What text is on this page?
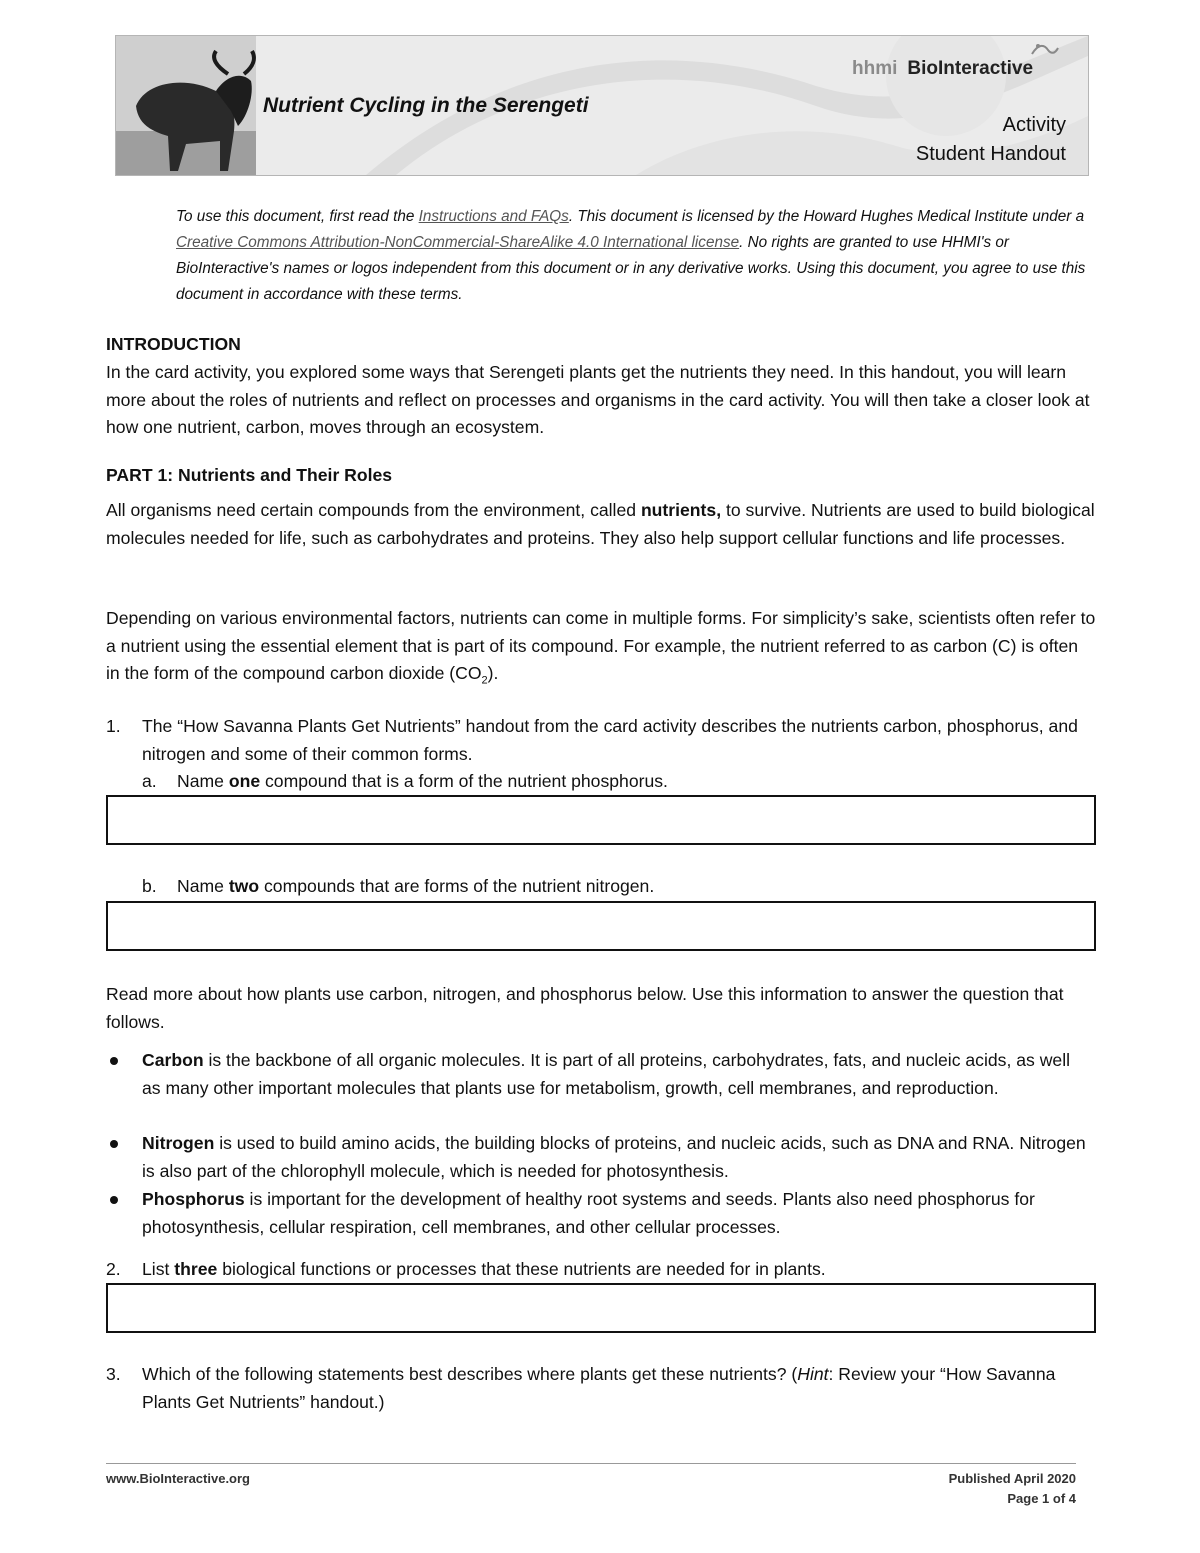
Nutrient Cycling in the Serengeti
hhmi BioInteractive
Activity
Student Handout
To use this document, first read the Instructions and FAQs. This document is licensed by the Howard Hughes Medical Institute under a Creative Commons Attribution-NonCommercial-ShareAlike 4.0 International license. No rights are granted to use HHMI's or BioInteractive's names or logos independent from this document or in any derivative works. Using this document, you agree to use this document in accordance with these terms.
INTRODUCTION
In the card activity, you explored some ways that Serengeti plants get the nutrients they need. In this handout, you will learn more about the roles of nutrients and reflect on processes and organisms in the card activity. You will then take a closer look at how one nutrient, carbon, moves through an ecosystem.
PART 1: Nutrients and Their Roles
All organisms need certain compounds from the environment, called nutrients, to survive. Nutrients are used to build biological molecules needed for life, such as carbohydrates and proteins. They also help support cellular functions and life processes.
Depending on various environmental factors, nutrients can come in multiple forms. For simplicity’s sake, scientists often refer to a nutrient using the essential element that is part of its compound. For example, the nutrient referred to as carbon (C) is often in the form of the compound carbon dioxide $(CO_2)$.
1. The “How Savanna Plants Get Nutrients” handout from the card activity describes the nutrients carbon, phosphorus, and nitrogen and some of their common forms.
a. Name one compound that is a form of the nutrient phosphorus.
b. Name two compounds that are forms of the nutrient nitrogen.
Read more about how plants use carbon, nitrogen, and phosphorus below. Use this information to answer the question that follows.
Carbon is the backbone of all organic molecules. It is part of all proteins, carbohydrates, fats, and nucleic acids, as well as many other important molecules that plants use for metabolism, growth, cell membranes, and reproduction.
Nitrogen is used to build amino acids, the building blocks of proteins, and nucleic acids, such as DNA and RNA. Nitrogen is also part of the chlorophyll molecule, which is needed for photosynthesis.
Phosphorus is important for the development of healthy root systems and seeds. Plants also need phosphorus for photosynthesis, cellular respiration, cell membranes, and other cellular processes.
2. List three biological functions or processes that these nutrients are needed for in plants.
3. Which of the following statements best describes where plants get these nutrients? (Hint: Review your “How Savanna Plants Get Nutrients” handout.)
www.BioInteractive.org	Published April 2020
Page 1 of 4
